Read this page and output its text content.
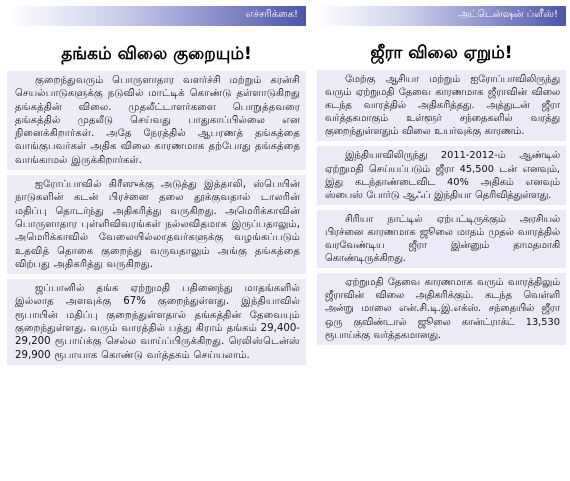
எச்சரிக்கை!
தங்கம் விலை குறையும்!

குறைந்துவரும் பொருளாதார வளர்ச்சி மற்றும் கரன்சி செயல்பாடுகளுக்கு நடுவில் மாட்டிக் கொண்டு தள்ளாடுகிறது தங்கத்தின் விலை. முதலீட்டாளர்களை பொறுத்தவரை தங்கத்தில் முதலீடு செய்வது பாதுகாப்பில்லை என நினைக்கிறார்கள். அதே நேரத்தில் ஆபரணத் தங்கத்தை வாங்குபவர்கள் அதிக விலை காரணமாக தற்போது தங்கத்தை வாங்காமல் இருக்கிறார்கள்.

ஐரோப்பாவில் கிரீஸுக்கு அடுத்து இத்தாலி, ஸ்பெயின் நாடுகளின் கடன் பிரச்னை தலை தூக்குவதால் டாலரின் மதிப்பு தொடர்ந்து அதிகரித்து வருகிறது. அமெரிக்காவின் பொருளாதார புள்ளிவிவரங்கள் நல்லவிதமாக இருப்பதாலும், அமெரிக்காவில் வேலையில்லாதவர்களுக்கு வழங்கப்படும் உதவித் தொகை குறைந்து வருவதாலும் அங்கு தங்கத்தை விற்பது அதிகரித்து வருகிறது.

ஜப்பானில் தங்க ஏற்றுமதி பதினைந்து மாதங்களில் இல்லாத அளவுக்கு 67% குறைந்துள்ளது. இந்தியாவில் ரூபாயின் மதிப்பு குறைந்துள்ளதால் தங்கத்தின் தேவையும் குறைந்துள்ளது. வரும் வாரத்தில் பத்து கிராம் தங்கம் 29,400-29,200 ரூபாய்க்கு செல்ல வாய்ப்பிருக்கிறது. ரெலிஸ்டென்ஸ் 29,900 ரூபாயாக கொண்டு வர்த்தகம் செய்யலாம்.

அட்டென்ஷன் ப்ளீஸ்!
ஜீரா விலை ஏறும்!

மேற்கு ஆசியா மற்றும் ஐரோப்பாவிலிருந்து வரும் ஏற்றுமதி தேவை காரணமாக ஜீராவின் விலை கடந்த வாரத்தில் அதிகரித்தது. அத்துடன் ஜீரா வர்த்தகமாகும் உள்ளூர் சந்தைகளில் வரத்து குறைந்துள்ளதும் விலை உயர்வுக்கு காரணம்.

இந்தியாவிலிருந்து 2011-2012-ம் ஆண்டில் ஏற்றுமதி செய்யப்படும் ஜீரா 45,500 டன் எனவும், இது கடந்தாண்டைவிட 40% அதிகம் எனவும் ஸ்பைஸ் போர்டு ஆஃப் இந்தியா தெரிவித்துள்ளது.

சிரியா நாட்டில் ஏற்பட்டிருக்கும் அரசியல் பிரச்னை காரணமாக ஜூலை மாதம் முதல் வாரத்தில் வரவேண்டிய ஜீரா இன்னும் தாமதமாகி கொண்டிருக்கிறது.

ஏற்றுமதி தேவை காரணமாக வரும் வாரத்திலும் ஜீராவின் விலை அதிகரிக்கும். கடந்த வெள்ளி அன்று மாலை என்.சி.டி.இ.எக்ஸ். சந்தையில் ஜீரா ஒரு குவிண்டால் ஜூலை கான்ட்ராக்ட் 13,530 ரூபாய்க்கு வர்த்தகமானது.
